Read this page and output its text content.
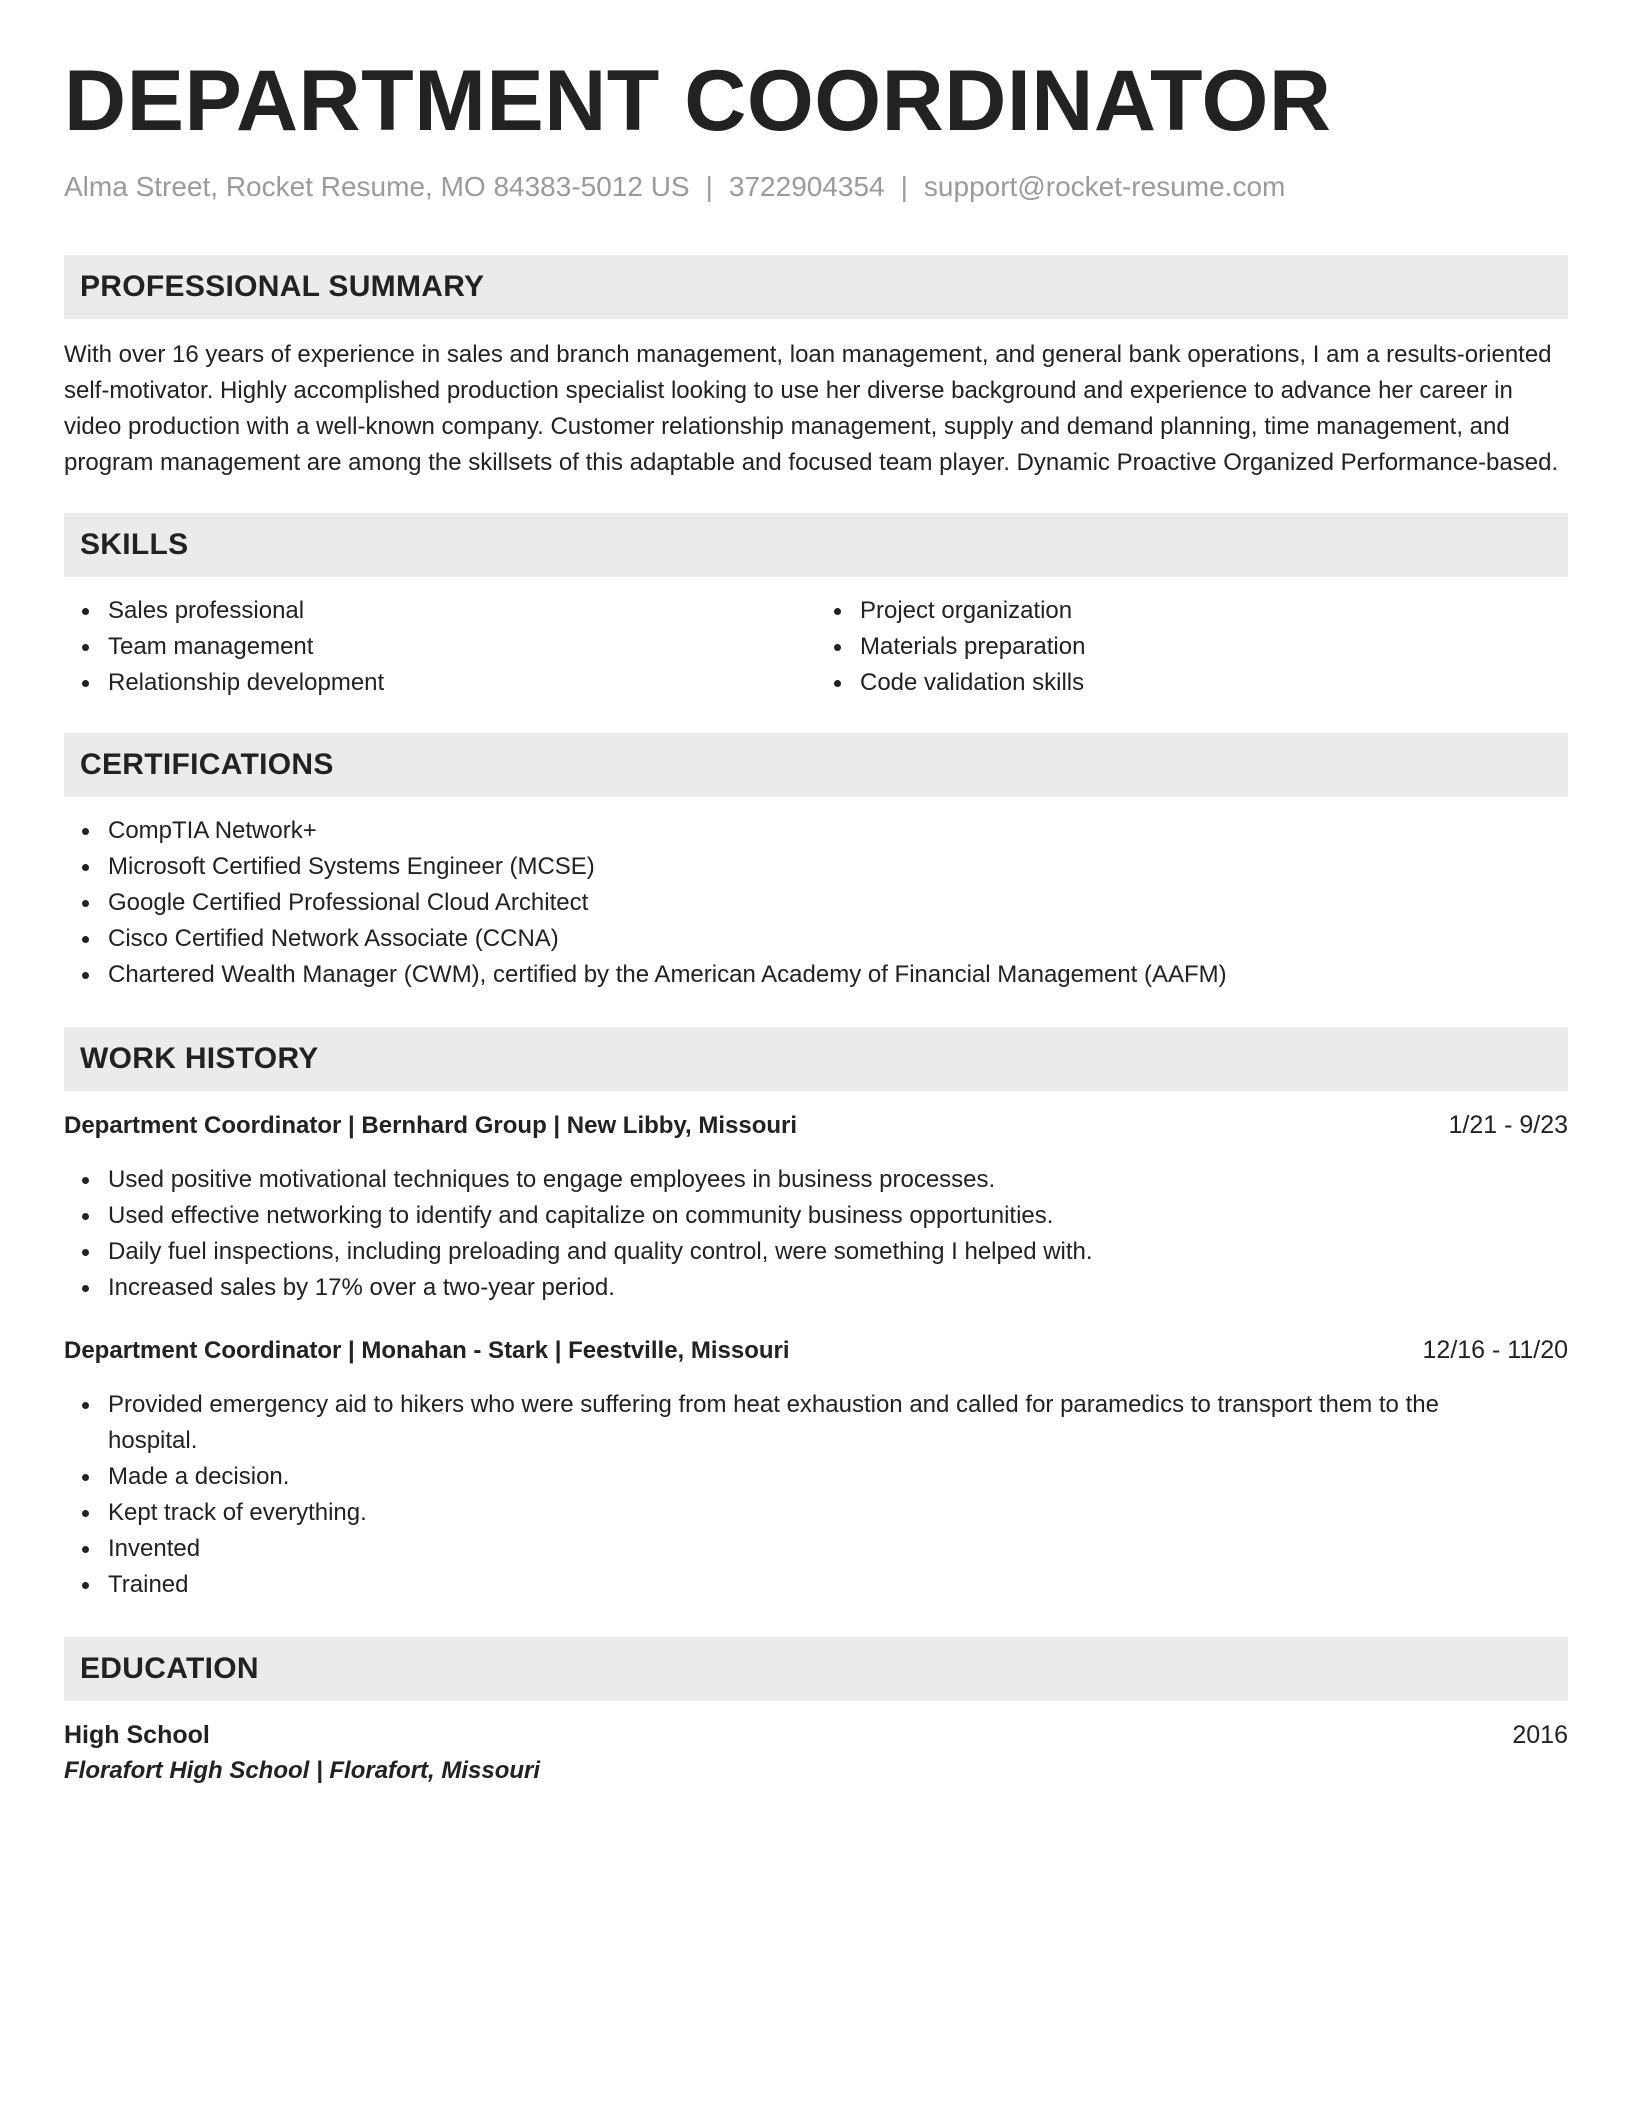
DEPARTMENT COORDINATOR
Alma Street, Rocket Resume, MO 84383-5012 US | 3722904354 | support@rocket-resume.com
PROFESSIONAL SUMMARY
With over 16 years of experience in sales and branch management, loan management, and general bank operations, I am a results-oriented self-motivator. Highly accomplished production specialist looking to use her diverse background and experience to advance her career in video production with a well-known company. Customer relationship management, supply and demand planning, time management, and program management are among the skillsets of this adaptable and focused team player. Dynamic Proactive Organized Performance-based.
SKILLS
Sales professional
Team management
Relationship development
Project organization
Materials preparation
Code validation skills
CERTIFICATIONS
CompTIA Network+
Microsoft Certified Systems Engineer (MCSE)
Google Certified Professional Cloud Architect
Cisco Certified Network Associate (CCNA)
Chartered Wealth Manager (CWM), certified by the American Academy of Financial Management (AAFM)
WORK HISTORY
Department Coordinator | Bernhard Group | New Libby, Missouri	1/21 - 9/23
Used positive motivational techniques to engage employees in business processes.
Used effective networking to identify and capitalize on community business opportunities.
Daily fuel inspections, including preloading and quality control, were something I helped with.
Increased sales by 17% over a two-year period.
Department Coordinator | Monahan - Stark | Feestville, Missouri	12/16 - 11/20
Provided emergency aid to hikers who were suffering from heat exhaustion and called for paramedics to transport them to the hospital.
Made a decision.
Kept track of everything.
Invented
Trained
EDUCATION
High School	2016
Florafort High School | Florafort, Missouri
